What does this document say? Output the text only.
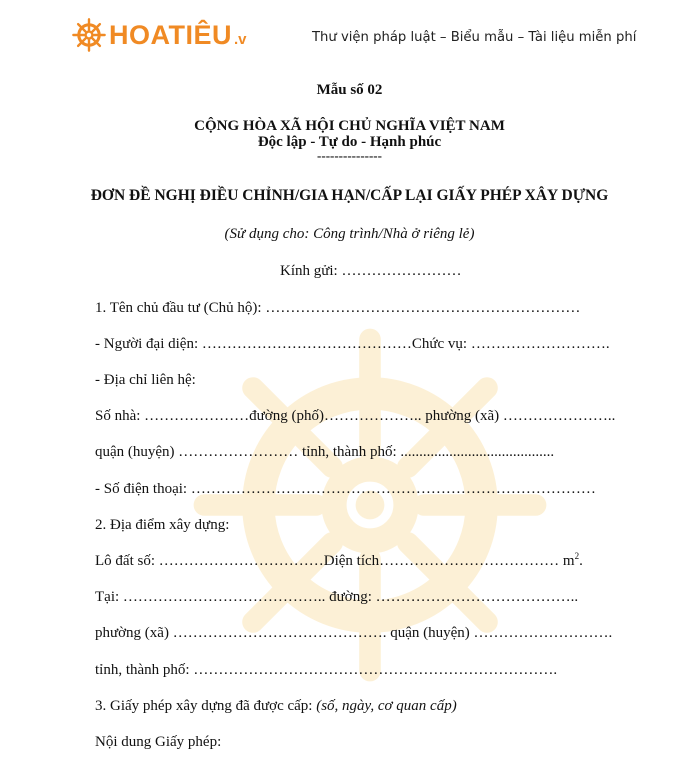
HOATIÊU .v	Thư viện pháp luật – Biểu mẫu – Tài liệu miễn phí
Mẫu số 02
CỘNG HÒA XÃ HỘI CHỦ NGHĨA VIỆT NAM
Độc lập - Tự do - Hạnh phúc
---------------
ĐƠN ĐỀ NGHỊ ĐIỀU CHỈNH/GIA HẠN/CẤP LẠI GIẤY PHÉP XÂY DỰNG
(Sử dụng cho: Công trình/Nhà ở riêng lẻ)
Kính gửi: ……………………
1. Tên chủ đầu tư (Chủ hộ): ………………………………………………………
- Người đại diện: ……………………………………Chức vụ: ……………………….
- Địa chỉ liên hệ:
Số nhà: …………………đường (phố)……………….. phường (xã) …………………..
quận (huyện) …………………… tỉnh, thành phố: .........................................
- Số điện thoại: ………………………………………………………………………
2. Địa điểm xây dựng:
Lô đất số: ……………………………Diện tích……………………………… $m^2$.
Tại: ………………………………….. đường: …………………………………..
phường (xã) ……………………………………. quận (huyện) ……………………….
tỉnh, thành phố: ……………………………………………………………….
3. Giấy phép xây dựng đã được cấp: (số, ngày, cơ quan cấp)
Nội dung Giấy phép:
